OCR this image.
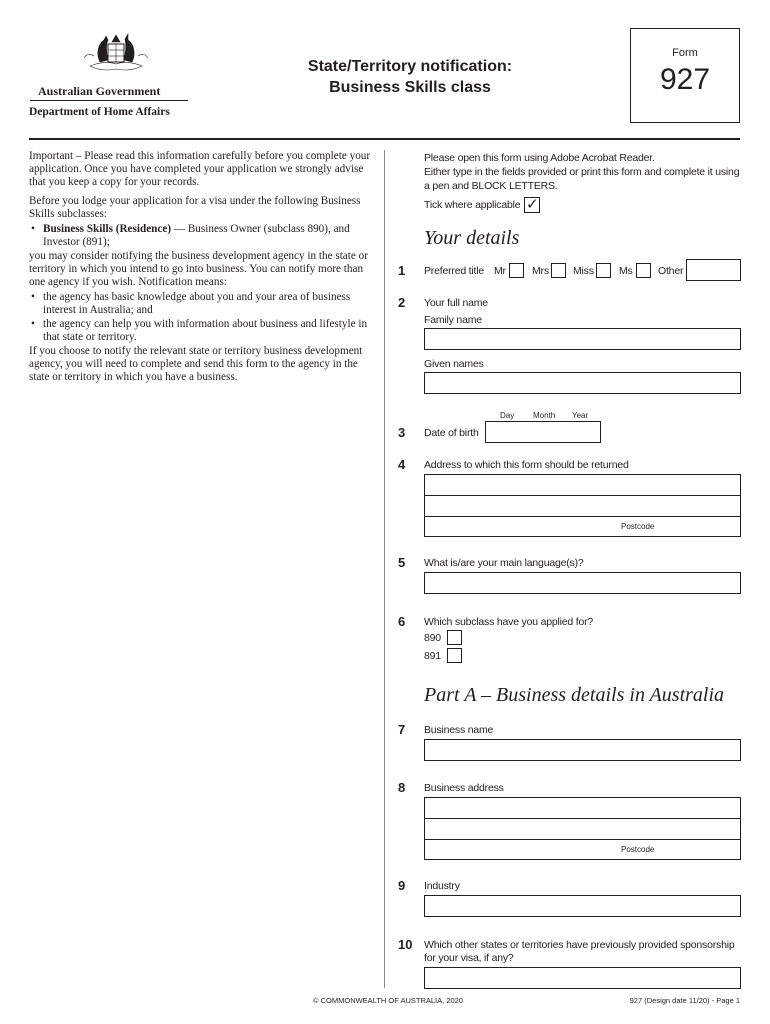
Australian Government
Department of Home Affairs
State/Territory notification:
Business Skills class
Form
927

Important – Please read this information carefully before you complete your application. Once you have completed your application we strongly advise that you keep a copy for your records.

Before you lodge your application for a visa under the following Business Skills subclasses:

• Business Skills (Residence) — Business Owner (subclass 890), and Investor (891);

you may consider notifying the business development agency in the state or territory in which you intend to go into business. You can notify more than one agency if you wish. Notification means:

• the agency has basic knowledge about you and your area of business interest in Australia; and
• the agency can help you with information about business and lifestyle in that state or territory.

If you choose to notify the relevant state or territory business development agency, you will need to complete and send this form to the agency in the state or territory in which you have a business.

Please open this form using Adobe Acrobat Reader.
Either type in the fields provided or print this form and complete it using
a pen and BLOCK LETTERS.
Tick where applicable ✓
Your details
1 Preferred title Mr Mrs Miss Ms Other
2 Your full name
Family name
Given names
Day Month Year
3 Date of birth
4 Address to which this form should be returned
Postcode
5 What is/are your main language(s)?
6 Which subclass have you applied for?
890
891
Part A – Business details in Australia
7 Business name
8 Business address
Postcode
9 Industry
10 Which other states or territories have previously provided sponsorship
for your visa, if any?
© COMMONWEALTH OF AUSTRALIA, 2020	927 (Design date 11/20) - Page 1
